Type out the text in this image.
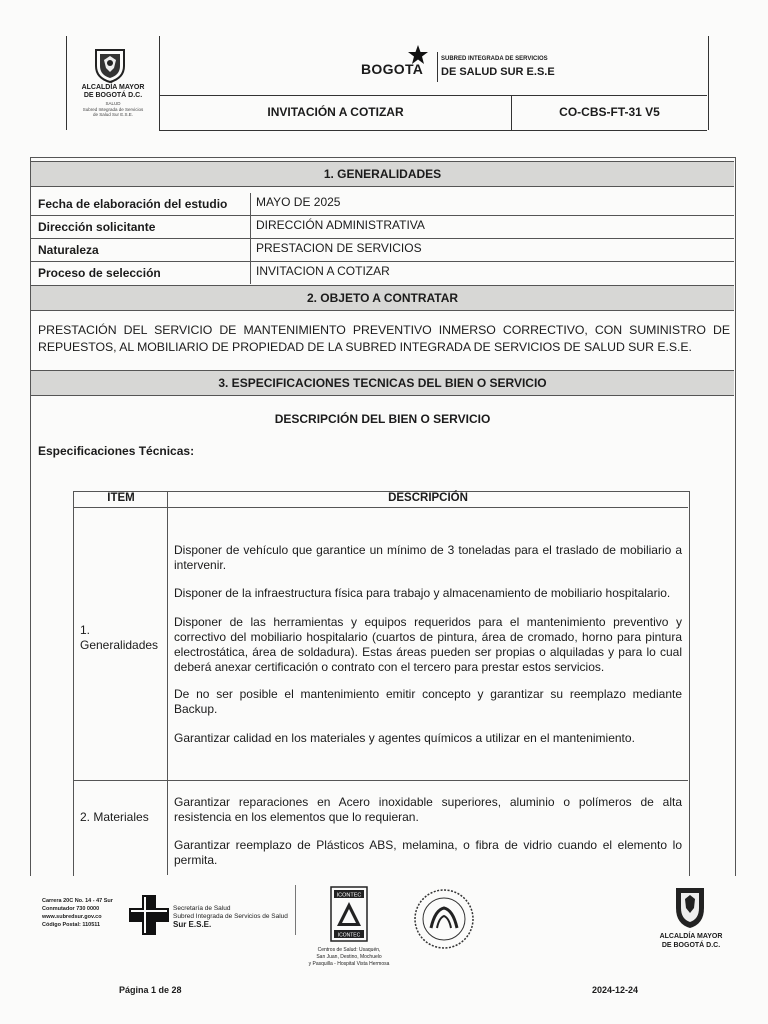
ALCALDÍA MAYOR
DE BOGOTÁ D.C.
SALUD
Subred Integrada de Servicios
de Salud Sur E.S.E.
BOGOTA
SUBRED INTEGRADA DE SERVICIOS
DE SALUD SUR E.S.E
INVITACIÓN A COTIZAR	CO-CBS-FT-31 V5
1. GENERALIDADES
Fecha de elaboración del estudio MAYO DE 2025
Dirección solicitante	DIRECCIÓN ADMINISTRATIVA
Naturaleza	PRESTACION DE SERVICIOS
Proceso de selección	INVITACION A COTIZAR
2. OBJETO A CONTRATAR
PRESTACIÓN DEL SERVICIO DE MANTENIMIENTO PREVENTIVO INMERSO CORRECTIVO, CON SUMINISTRO DE REPUESTOS, AL MOBILIARIO DE PROPIEDAD DE LA SUBRED INTEGRADA DE SERVICIOS DE SALUD SUR E.S.E.
3. ESPECIFICACIONES TECNICAS DEL BIEN O SERVICIO
DESCRIPCIÓN DEL BIEN O SERVICIO
Especificaciones Técnicas:
ITEM	DESCRIPCIÓN
1.
Generalidades
Disponer de vehículo que garantice un mínimo de 3 toneladas para el traslado de mobiliario a intervenir.
Disponer de la infraestructura física para trabajo y almacenamiento de mobiliario hospitalario.
Disponer de las herramientas y equipos requeridos para el mantenimiento preventivo y correctivo del mobiliario hospitalario (cuartos de pintura, área de cromado, horno para pintura electrostática, área de soldadura). Estas áreas pueden ser propias o alquiladas y para lo cual deberá anexar certificación o contrato con el tercero para prestar estos servicios.
De no ser posible el mantenimiento emitir concepto y garantizar su reemplazo mediante Backup.
Garantizar calidad en los materiales y agentes químicos a utilizar en el mantenimiento.
2. Materiales
Garantizar reparaciones en Acero inoxidable superiores, aluminio o polímeros de alta resistencia en los elementos que lo requieran.
Garantizar reemplazo de Plásticos ABS, melamina, o fibra de vidrio cuando el elemento lo permita.
Carrera 20C No. 14 - 47 Sur
Conmutador 730 0000
www.subredsur.gov.co
Código Postal: 110511
Secretaría de Salud
Subred Integrada de Servicios de Salud
Sur E.S.E.
ICONTEC
ICONTEC
Centros de Salud: Usaquén,
San Juan, Destino, Mochuelo
y Pasquilla - Hospital Vista Hermosa
ALCALDÍA MAYOR
DE BOGOTÁ D.C.
Página 1 de 28	2024-12-24
